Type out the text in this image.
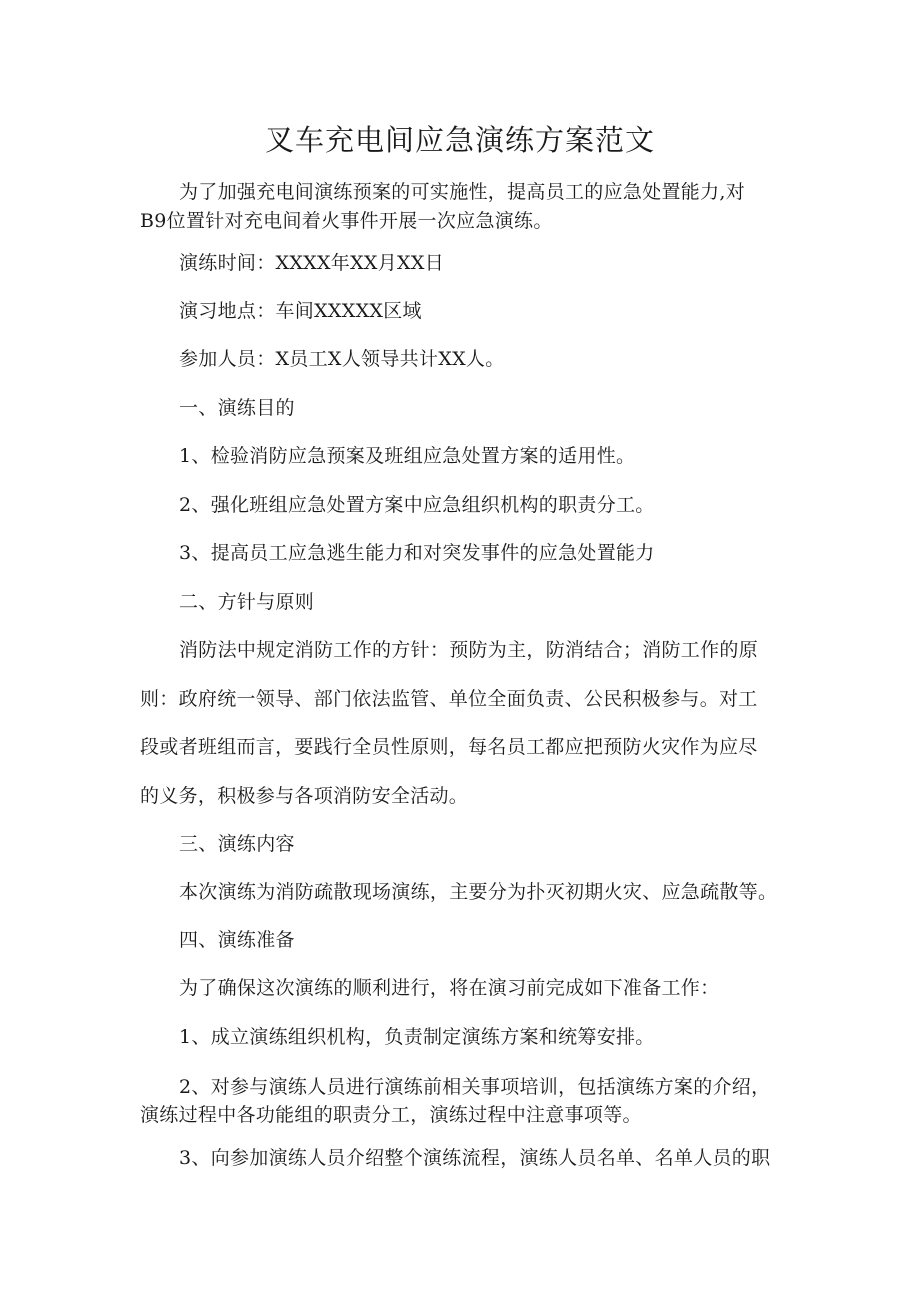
叉车充电间应急演练方案范文
为了加强充电间演练预案的可实施性，提高员工的应急处置能力,对
B9位置针对充电间着火事件开展一次应急演练。
演练时间：XXXX年XX月XX日
演习地点：车间XXXXX区域
参加人员：X员工X人领导共计XX人。
一、演练目的
1、检验消防应急预案及班组应急处置方案的适用性。
2、强化班组应急处置方案中应急组织机构的职责分工。
3、提高员工应急逃生能力和对突发事件的应急处置能力
二、方针与原则
消防法中规定消防工作的方针：预防为主，防消结合；消防工作的原
则：政府统一领导、部门依法监管、单位全面负责、公民积极参与。对工
段或者班组而言，要践行全员性原则，每名员工都应把预防火灾作为应尽
的义务，积极参与各项消防安全活动。
三、演练内容
本次演练为消防疏散现场演练，主要分为扑灭初期火灾、应急疏散等。
四、演练准备
为了确保这次演练的顺利进行，将在演习前完成如下准备工作：
1、成立演练组织机构，负责制定演练方案和统筹安排。
2、对参与演练人员进行演练前相关事项培训，包括演练方案的介绍，
演练过程中各功能组的职责分工，演练过程中注意事项等。
3、向参加演练人员介绍整个演练流程，演练人员名单、名单人员的职
